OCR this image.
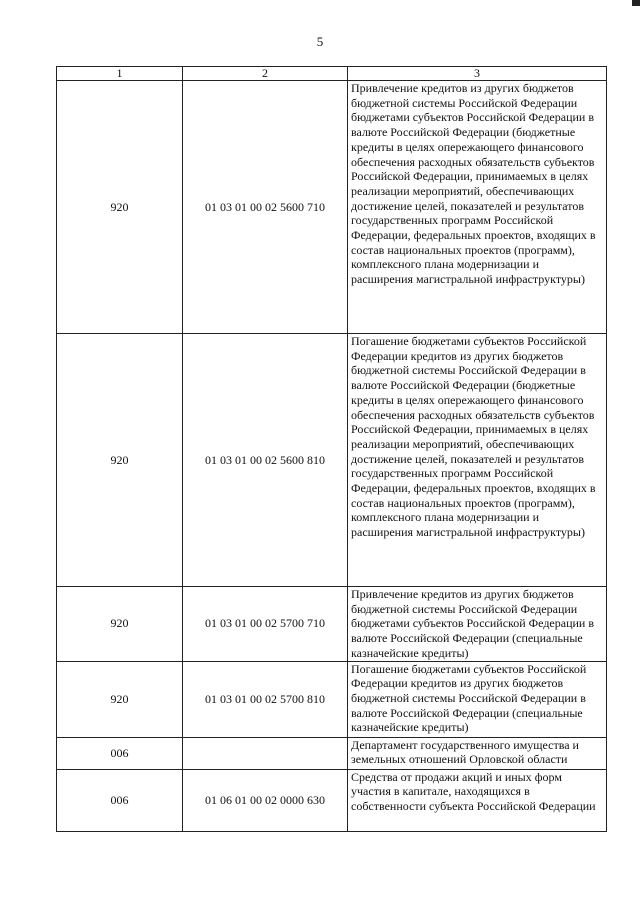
5
1	2	3
920	01 03 01 00 02 5600 710	Привлечение кредитов из других бюджетов бюджетной системы Российской Федерации бюджетами субъектов Российской Федерации в валюте Российской Федерации (бюджетные кредиты в целях опережающего финансового обеспечения расходных обязательств субъектов Российской Федерации, принимаемых в целях реализации мероприятий, обеспечивающих достижение целей, показателей и результатов государственных программ Российской Федерации, федеральных проектов, входящих в состав национальных проектов (программ), комплексного плана модернизации и расширения магистральной инфраструктуры)
920	01 03 01 00 02 5600 810	Погашение бюджетами субъектов Российской Федерации кредитов из других бюджетов бюджетной системы Российской Федерации в валюте Российской Федерации (бюджетные кредиты в целях опережающего финансового обеспечения расходных обязательств субъектов Российской Федерации, принимаемых в целях реализации мероприятий, обеспечивающих достижение целей, показателей и результатов государственных программ Российской Федерации, федеральных проектов, входящих в состав национальных проектов (программ), комплексного плана модернизации и расширения магистральной инфраструктуры)
920	01 03 01 00 02 5700 710	Привлечение кредитов из других бюджетов бюджетной системы Российской Федерации бюджетами субъектов Российской Федерации в валюте Российской Федерации (специальные казначейские кредиты)
920	01 03 01 00 02 5700 810	Погашение бюджетами субъектов Российской Федерации кредитов из других бюджетов бюджетной системы Российской Федерации в валюте Российской Федерации (специальные казначейские кредиты)
006		Департамент государственного имущества и земельных отношений Орловской области
006	01 06 01 00 02 0000 630	Средства от продажи акций и иных форм участия в капитале, находящихся в собственности субъекта Российской Федерации
